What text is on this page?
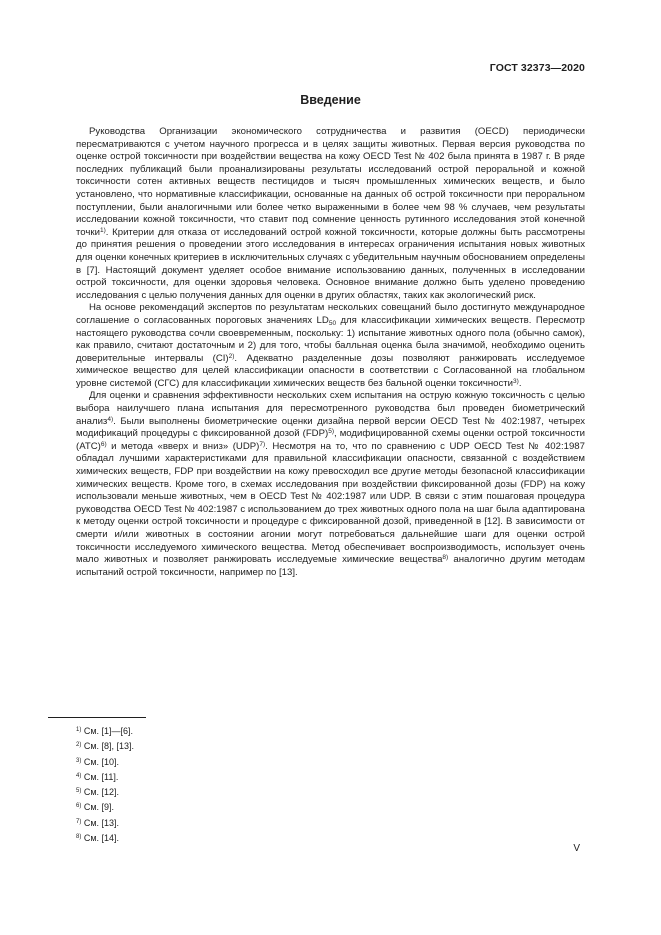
ГОСТ 32373—2020
Введение

Руководства Организации экономического сотрудничества и развития (OECD) периодически пересматриваются с учетом научного прогресса и в целях защиты животных. Первая версия руководства по оценке острой токсичности при воздействии вещества на кожу OECD Test № 402 была принята в 1987 г. В ряде последних публикаций были проанализированы результаты исследований острой пероральной и кожной токсичности сотен активных веществ пестицидов и тысяч промышленных химических веществ, и было установлено, что нормативные классификации, основанные на данных об острой токсичности при пероральном поступлении, были аналогичными или более четко выраженными в более чем 98 % случаев, чем результаты исследовании кожной токсичности, что ставит под сомнение ценность рутинного исследования этой конечной точки$^{1)}$. Критерии для отказа от исследований острой кожной токсичности, которые должны быть рассмотрены до принятия решения о проведении этого исследования в интересах ограничения испытания новых животных для оценки конечных критериев в исключительных случаях с убедительным научным обоснованием определены в [7]. Настоящий документ уделяет особое внимание использованию данных, полученных в исследовании острой токсичности, для оценки здоровья человека. Основное внимание должно быть уделено проведению исследования с целью получения данных для оценки в других областях, таких как экологический риск.

На основе рекомендаций экспертов по результатам нескольких совещаний было достигнуто международное соглашение о согласованных пороговых значениях $LD_{50}$ для классификации химических веществ. Пересмотр настоящего руководства сочли своевременным, поскольку: 1) испытание животных одного пола (обычно самок), как правило, считают достаточным и 2) для того, чтобы балльная оценка была значимой, необходимо оценить доверительные интервалы (CI)$^{2)}$. Адекватно разделенные дозы позволяют ранжировать исследуемое химическое вещество для целей классификации опасности в соответствии с Согласованной на глобальном уровне системой (СГС) для классификации химических веществ без бальной оценки токсичности$^{3)}$.

Для оценки и сравнения эффективности нескольких схем испытания на острую кожную токсичность с целью выбора наилучшего плана испытания для пересмотренного руководства был проведен биометрический анализ$^{4)}$. Были выполнены биометрические оценки дизайна первой версии OECD Test № 402:1987, четырех модификаций процедуры с фиксированной дозой (FDP)$^{5)}$, модифицированной схемы оценки острой токсичности (АТС)$^{6)}$ и метода «вверх и вниз» (UDP)$^{7)}$. Несмотря на то, что по сравнению с UDP OECD Test № 402:1987 обладал лучшими характеристиками для правильной классификации опасности, связанной с воздействием химических веществ, FDP при воздействии на кожу превосходил все другие методы безопасной классификации химических веществ. Кроме того, в схемах исследования при воздействии фиксированной дозы (FDP) на кожу использовали меньше животных, чем в OECD Test № 402:1987 или UDP. В связи с этим пошаговая процедура руководства OECD Test № 402:1987 с использованием до трех животных одного пола на шаг была адаптирована к методу оценки острой токсичности и процедуре с фиксированной дозой, приведенной в [12]. В зависимости от смерти и/или животных в состоянии агонии могут потребоваться дальнейшие шаги для оценки острой токсичности исследуемого химического вещества. Метод обеспечивает воспроизводимость, использует очень мало животных и позволяет ранжировать исследуемые химические вещества$^{8)}$ аналогично другим методам испытаний острой токсичности, например по [13].

$^{1)}$ См. [1]—[6].
$^{2)}$ См. [8], [13].
$^{3)}$ См. [10].
$^{4)}$ См. [11].
$^{5)}$ См. [12].
$^{6)}$ См. [9].
$^{7)}$ См. [13].
$^{8)}$ См. [14].
V
